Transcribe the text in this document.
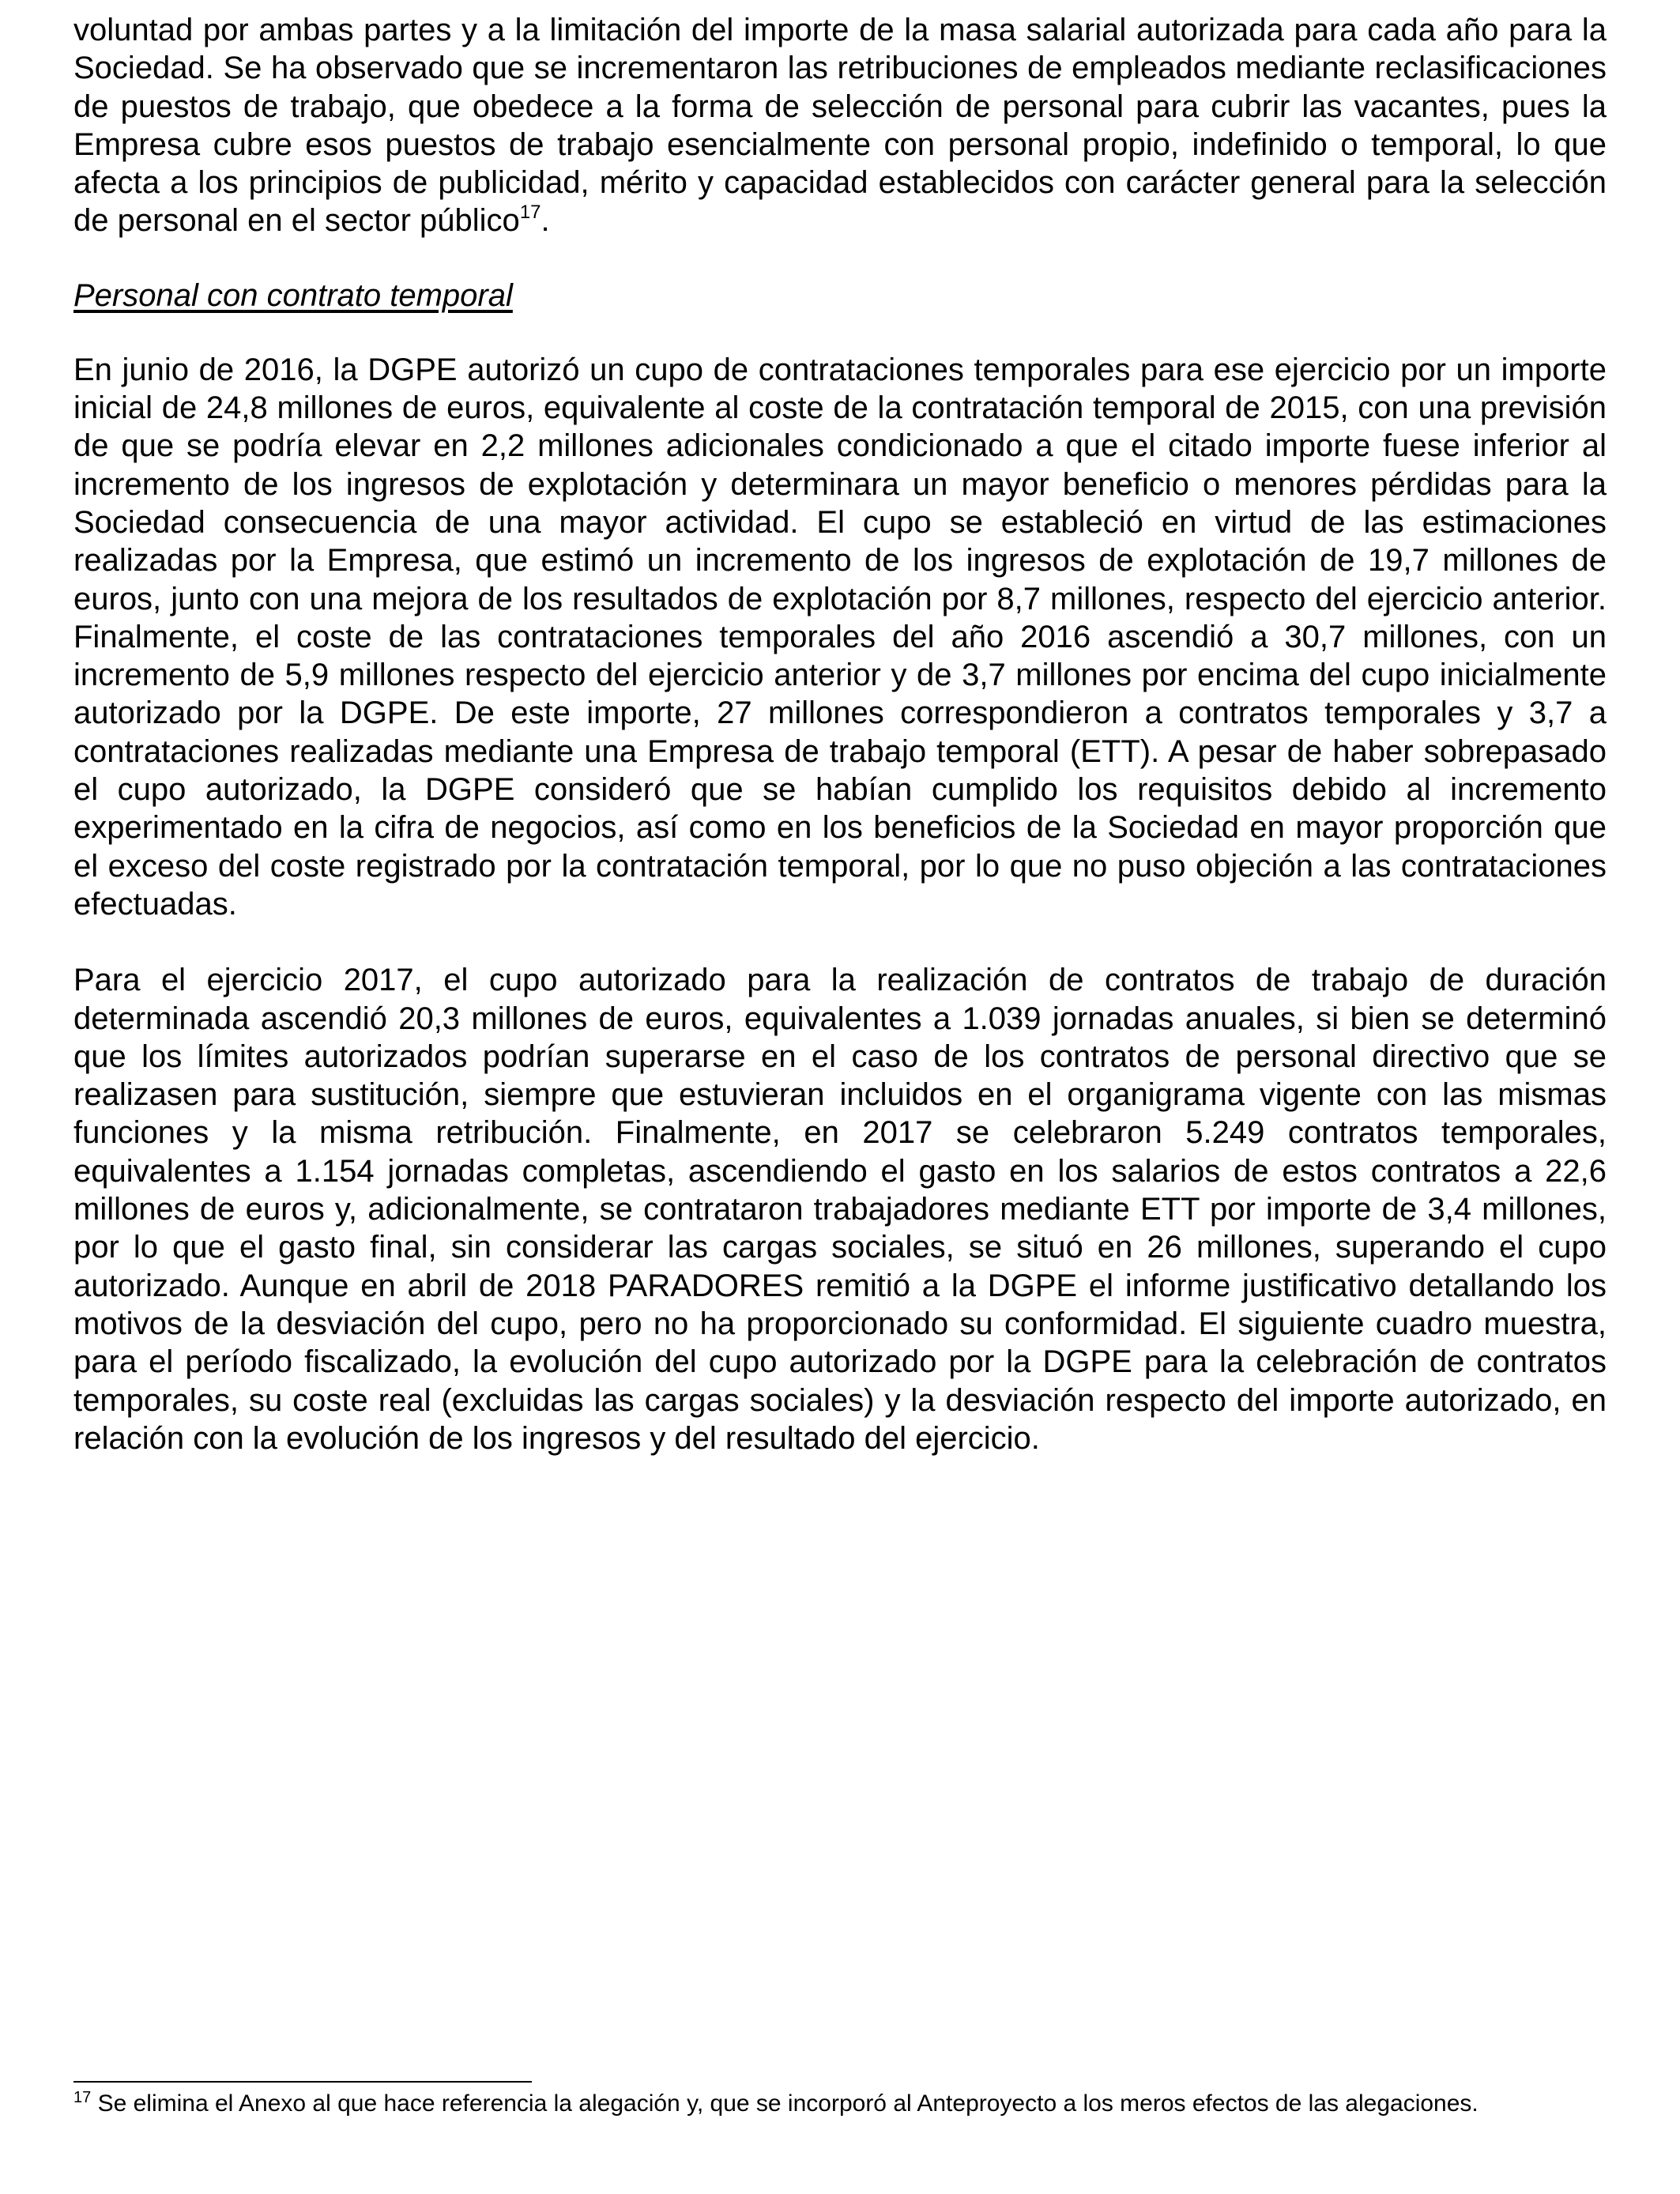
voluntad por ambas partes y a la limitación del importe de la masa salarial autorizada para cada año para la Sociedad. Se ha observado que se incrementaron las retribuciones de empleados mediante reclasificaciones de puestos de trabajo, que obedece a la forma de selección de personal para cubrir las vacantes, pues la Empresa cubre esos puestos de trabajo esencialmente con personal propio, indefinido o temporal, lo que afecta a los principios de publicidad, mérito y capacidad establecidos con carácter general para la selección de personal en el sector público$^{17}$.

Personal con contrato temporal

En junio de 2016, la DGPE autorizó un cupo de contrataciones temporales para ese ejercicio por un importe inicial de 24,8 millones de euros, equivalente al coste de la contratación temporal de 2015, con una previsión de que se podría elevar en 2,2 millones adicionales condicionado a que el citado importe fuese inferior al incremento de los ingresos de explotación y determinara un mayor beneficio o menores pérdidas para la Sociedad consecuencia de una mayor actividad. El cupo se estableció en virtud de las estimaciones realizadas por la Empresa, que estimó un incremento de los ingresos de explotación de 19,7 millones de euros, junto con una mejora de los resultados de explotación por 8,7 millones, respecto del ejercicio anterior. Finalmente, el coste de las contrataciones temporales del año 2016 ascendió a 30,7 millones, con un incremento de 5,9 millones respecto del ejercicio anterior y de 3,7 millones por encima del cupo inicialmente autorizado por la DGPE. De este importe, 27 millones correspondieron a contratos temporales y 3,7 a contrataciones realizadas mediante una Empresa de trabajo temporal (ETT). A pesar de haber sobrepasado el cupo autorizado, la DGPE consideró que se habían cumplido los requisitos debido al incremento experimentado en la cifra de negocios, así como en los beneficios de la Sociedad en mayor proporción que el exceso del coste registrado por la contratación temporal, por lo que no puso objeción a las contrataciones efectuadas.

Para el ejercicio 2017, el cupo autorizado para la realización de contratos de trabajo de duración determinada ascendió 20,3 millones de euros, equivalentes a 1.039 jornadas anuales, si bien se determinó que los límites autorizados podrían superarse en el caso de los contratos de personal directivo que se realizasen para sustitución, siempre que estuvieran incluidos en el organigrama vigente con las mismas funciones y la misma retribución. Finalmente, en 2017 se celebraron 5.249 contratos temporales, equivalentes a 1.154 jornadas completas, ascendiendo el gasto en los salarios de estos contratos a 22,6 millones de euros y, adicionalmente, se contrataron trabajadores mediante ETT por importe de 3,4 millones, por lo que el gasto final, sin considerar las cargas sociales, se situó en 26 millones, superando el cupo autorizado. Aunque en abril de 2018 PARADORES remitió a la DGPE el informe justificativo detallando los motivos de la desviación del cupo, pero no ha proporcionado su conformidad. El siguiente cuadro muestra, para el período fiscalizado, la evolución del cupo autorizado por la DGPE para la celebración de contratos temporales, su coste real (excluidas las cargas sociales) y la desviación respecto del importe autorizado, en relación con la evolución de los ingresos y del resultado del ejercicio.

$^{17}$ Se elimina el Anexo al que hace referencia la alegación y, que se incorporó al Anteproyecto a los meros efectos de las alegaciones.
